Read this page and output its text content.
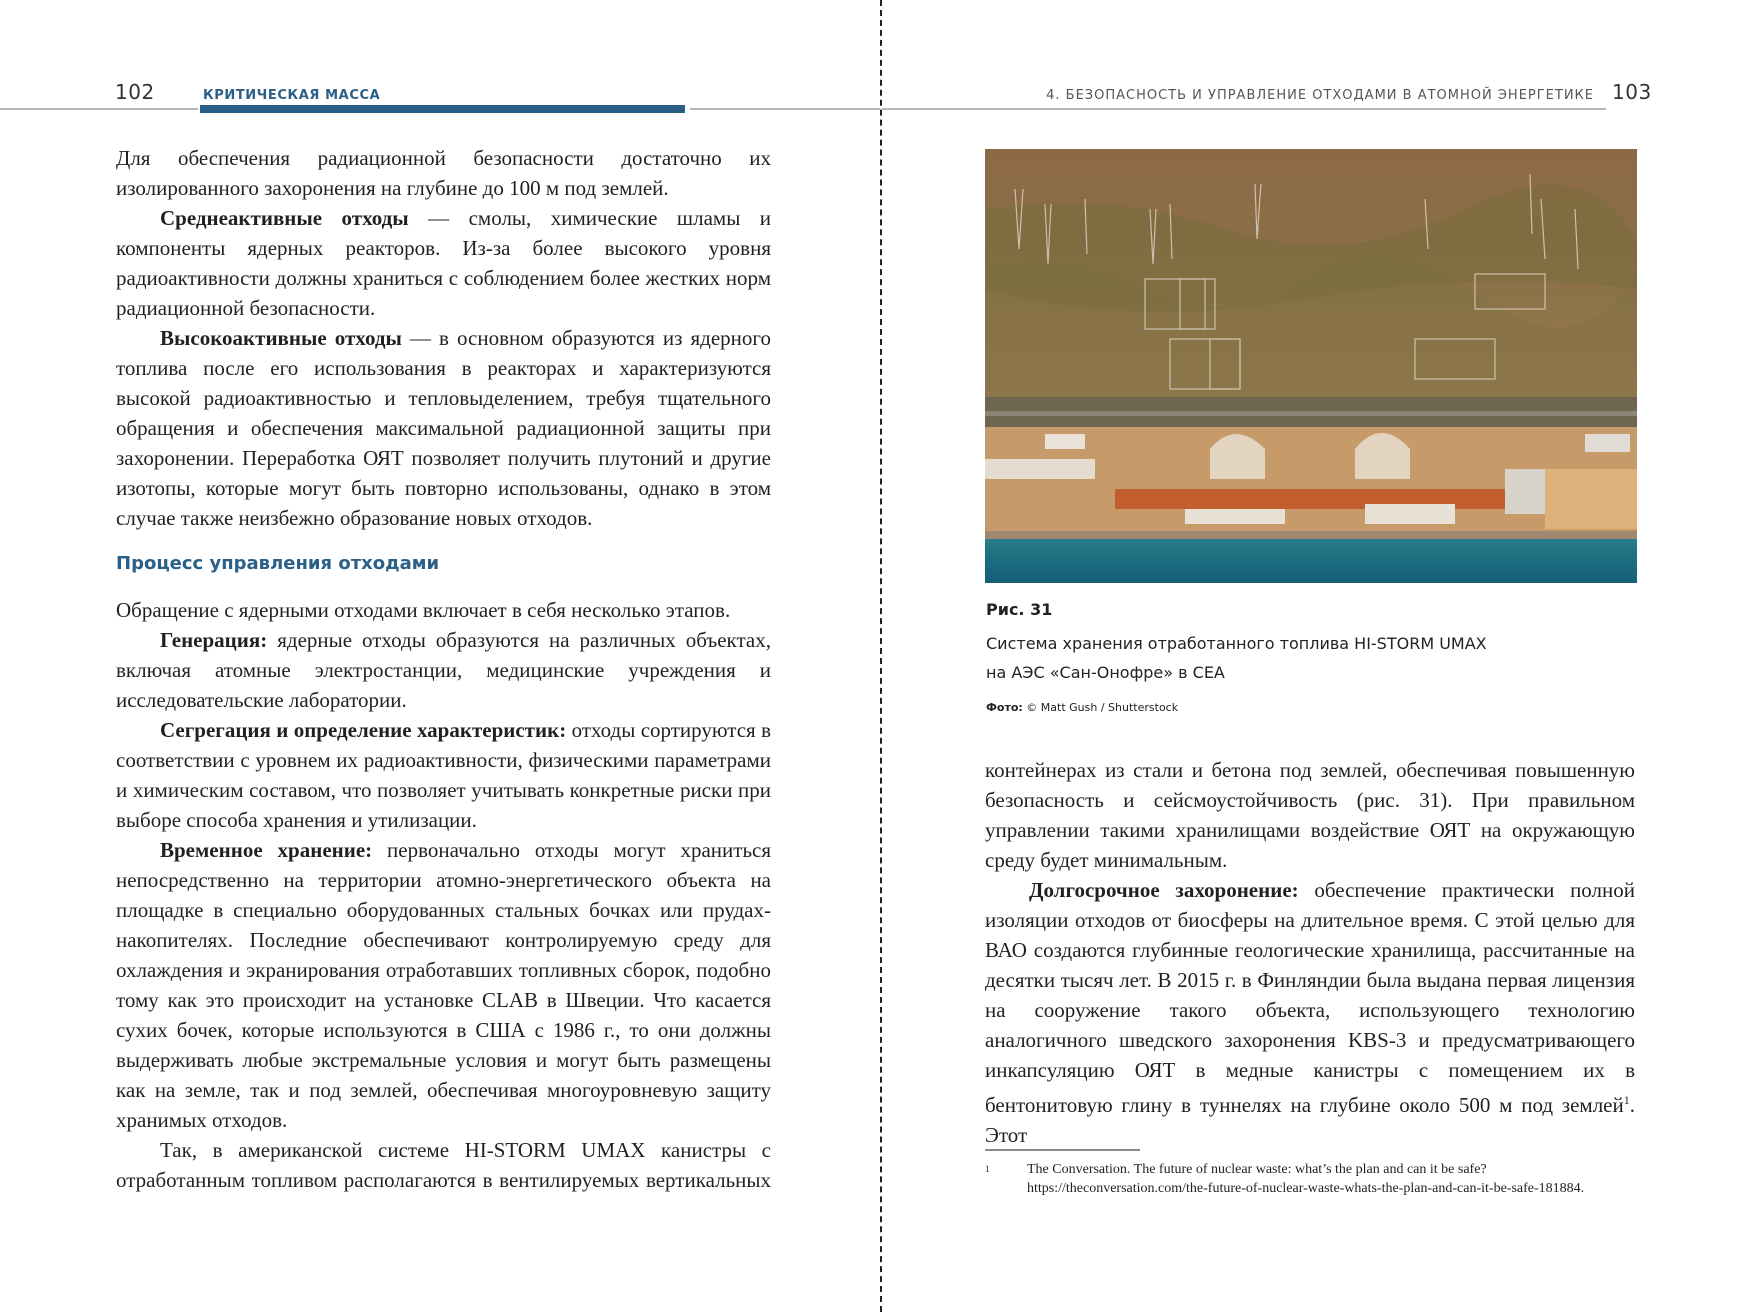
102	КРИТИЧЕСКАЯ МАССА	4. БЕЗОПАСНОСТЬ И УПРАВЛЕНИЕ ОТХОДАМИ В АТОМНОЙ ЭНЕРГЕТИКЕ 103

Для обеспечения радиационной безопасности достаточно их изолированного захоронения на глубине до 100 м под землей.

Среднеактивные отходы — смолы, химические шламы и компоненты ядерных реакторов. Из-за более высокого уровня радиоактивности должны храниться с соблюдением более жестких норм радиационной безопасности.

Высокоактивные отходы — в основном образуются из ядерного топлива после его использования в реакторах и характеризуются высокой радиоактивностью и тепловыделением, требуя тщательного обращения и обеспечения максимальной радиационной защиты при захоронении. Переработка ОЯТ позволяет получить плутоний и другие изотопы, которые могут быть повторно использованы, однако в этом случае также неизбежно образование новых отходов.

Процесс управления отходами

Обращение с ядерными отходами включает в себя несколько этапов.

Генерация: ядерные отходы образуются на различных объектах, включая атомные электростанции, медицинские учреждения и исследовательские лаборатории.

Сегрегация и определение характеристик: отходы сортируются в соответствии с уровнем их радиоактивности, физическими параметрами и химическим составом, что позволяет учитывать конкретные риски при выборе способа хранения и утилизации.

Временное хранение: первоначально отходы могут храниться непосредственно на территории атомно-энергетического объекта на площадке в специально оборудованных стальных бочках или прудах-накопителях. Последние обеспечивают контролируемую среду для охлаждения и экранирования отработавших топливных сборок, подобно тому как это происходит на установке CLAB в Швеции. Что касается сухих бочек, которые используются в США с 1986 г., то они должны выдерживать любые экстремальные условия и могут быть размещены как на земле, так и под землей, обеспечивая многоуровневую защиту хранимых отходов.

Так, в американской системе HI-STORM UMAX канистры с отработанным топливом располагаются в вентилируемых вертикальных

Рис. 31
Система хранения отработанного топлива HI-STORM UMAX
на АЭС «Сан-Онофре» в СЕА
Фото: © Matt Gush / Shutterstock

контейнерах из стали и бетона под землей, обеспечивая повышенную безопасность и сейсмоустойчивость (рис. 31). При правильном управлении такими хранилищами воздействие ОЯТ на окружающую среду будет минимальным.

Долгосрочное захоронение: обеспечение практически полной изоляции отходов от биосферы на длительное время. С этой целью для ВАО создаются глубинные геологические хранилища, рассчитанные на десятки тысяч лет. В 2015 г. в Финляндии была выдана первая лицензия на сооружение такого объекта, использующего технологию аналогичного шведского захоронения KBS-3 и предусматривающего инкапсуляцию ОЯТ в медные канистры с помещением их в бентонитовую глину в туннелях на глубине около 500 м под землей$^1$. Этот

1	The Conversation. The future of nuclear waste: what’s the plan and can it be safe? https://theconversation.com/the-future-of-nuclear-waste-whats-the-plan-and-can-it-be-safe-181884.
